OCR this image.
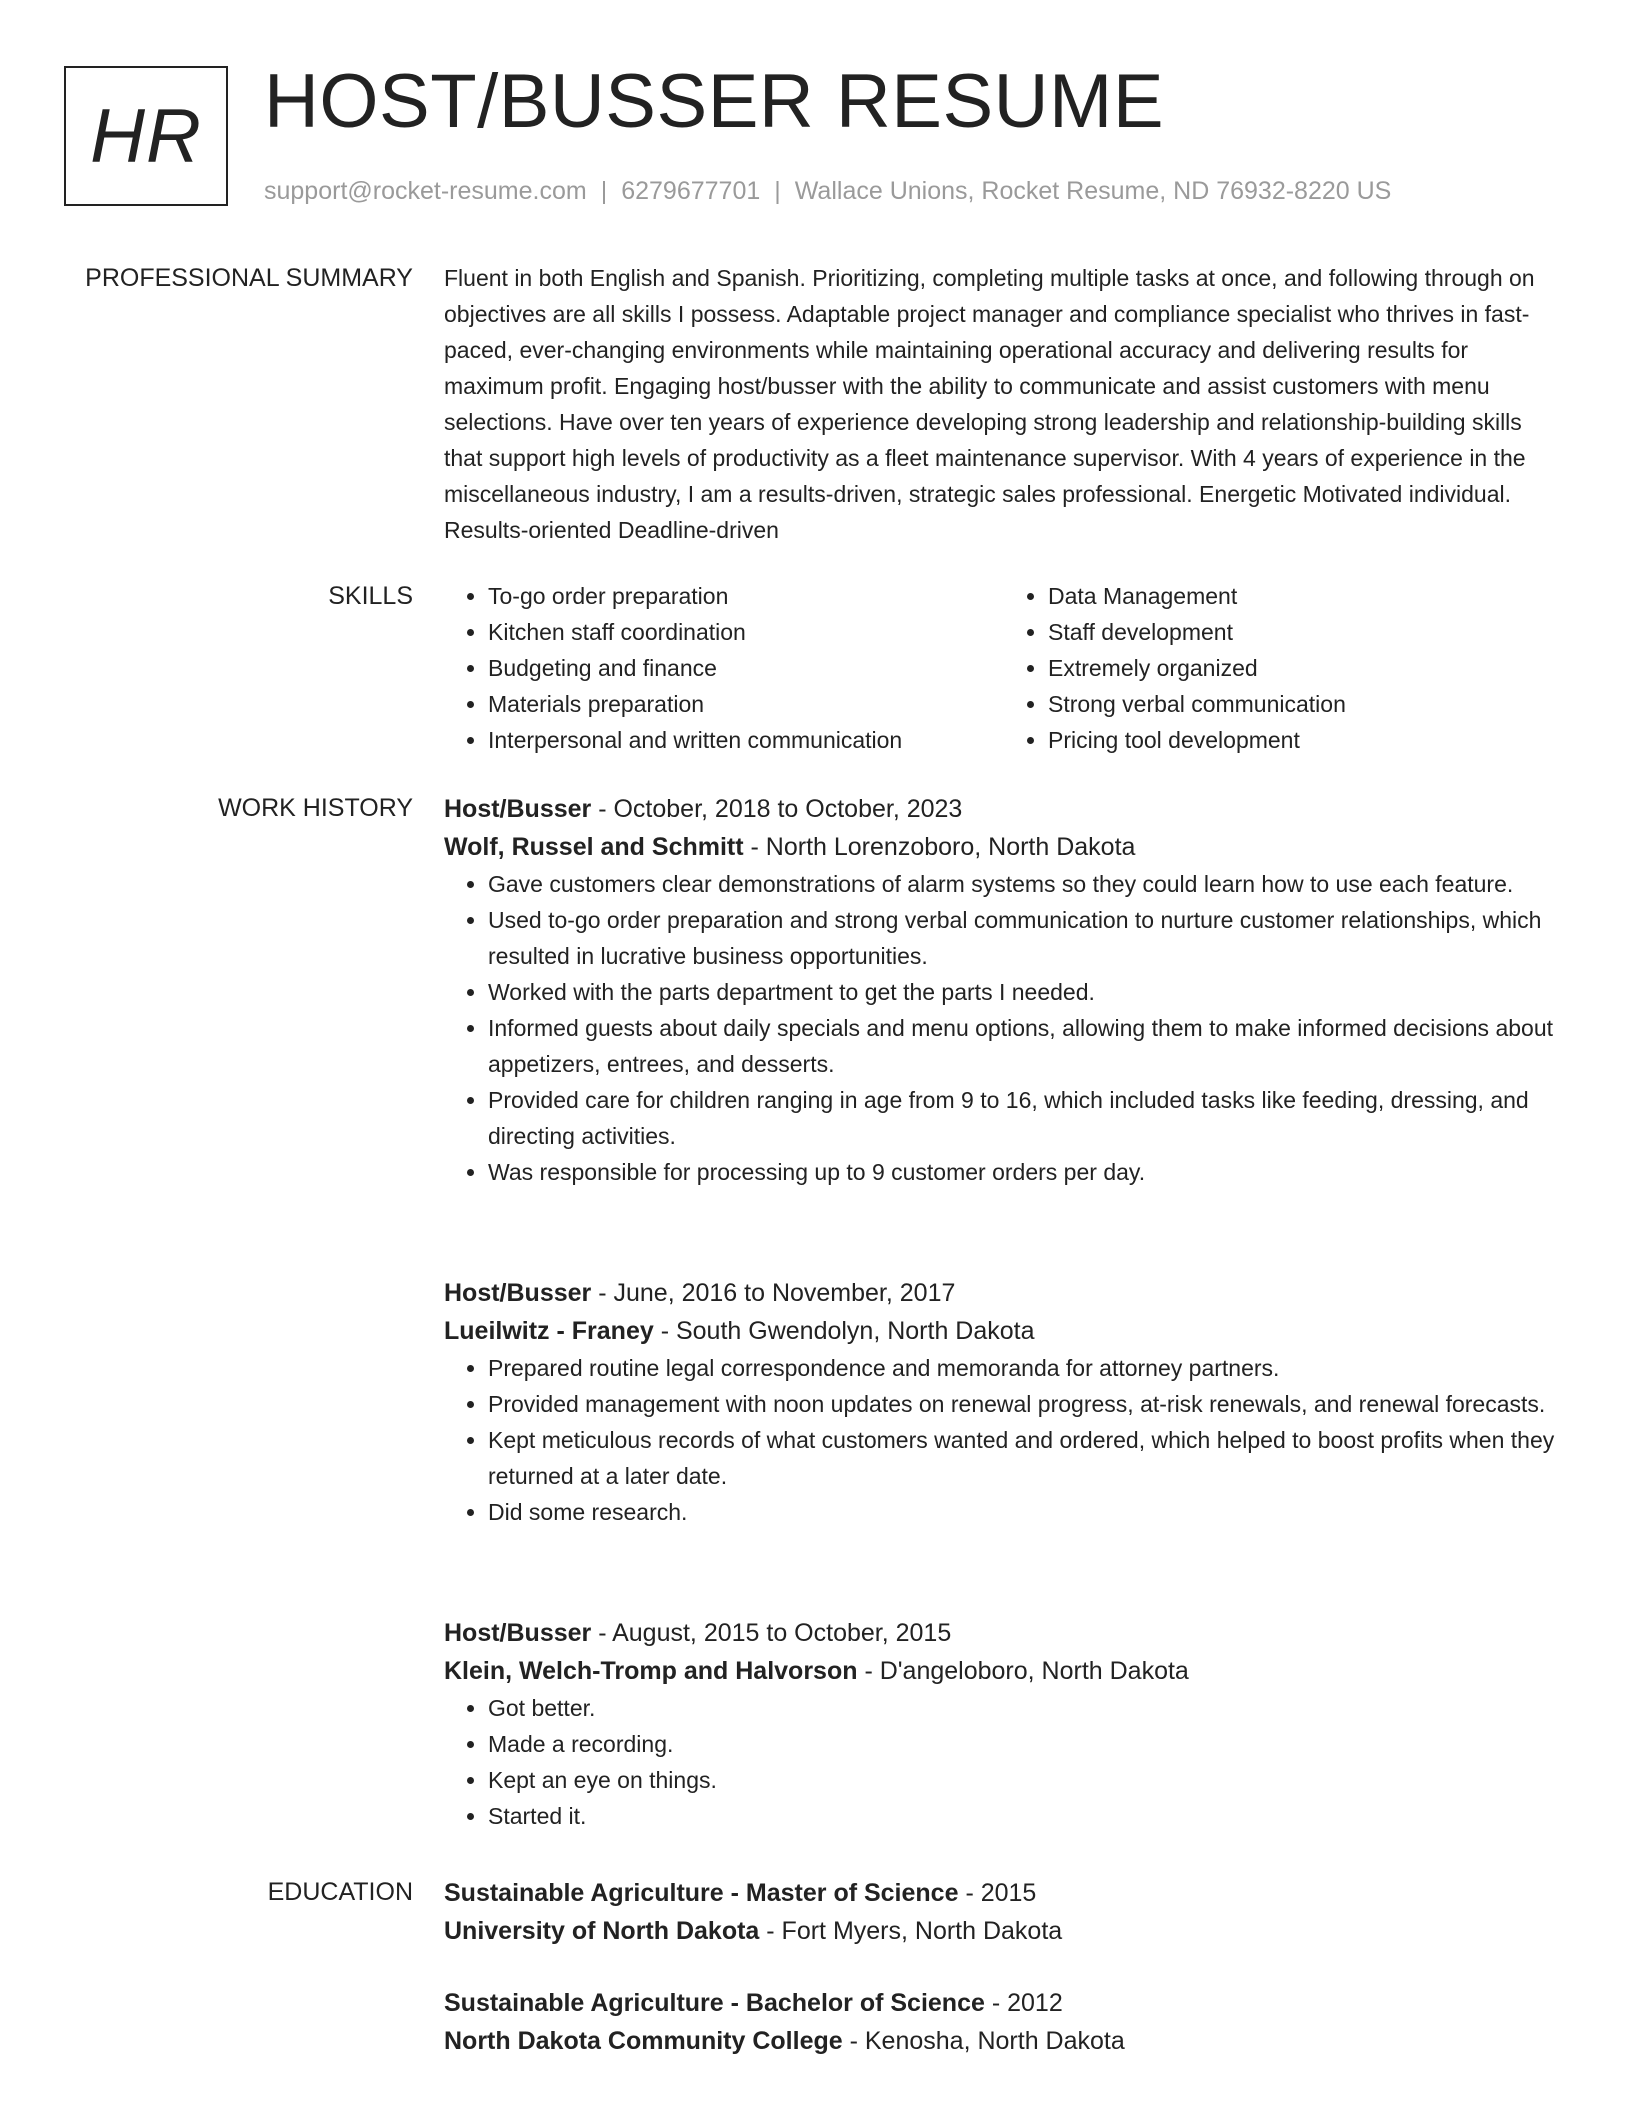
HR HOST/BUSSER RESUME
support@rocket-resume.com | 6279677701 | Wallace Unions, Rocket Resume, ND 76932-8220 US
PROFESSIONAL SUMMARY Fluent in both English and Spanish. Prioritizing, completing multiple tasks at once, and following through on objectives are all skills I possess. Adaptable project manager and compliance specialist who thrives in fast-paced, ever-changing environments while maintaining operational accuracy and delivering results for maximum profit. Engaging host/busser with the ability to communicate and assist customers with menu selections. Have over ten years of experience developing strong leadership and relationship-building skills that support high levels of productivity as a fleet maintenance supervisor. With 4 years of experience in the miscellaneous industry, I am a results-driven, strategic sales professional. Energetic Motivated individual. Results-oriented Deadline-driven

SKILLS
•	To-go order preparation
• Kitchen staff coordination
• Budgeting and finance
• Materials preparation
• Interpersonal and written communication
• Data Management
• Staff development
• Extremely organized
• Strong verbal communication
• Pricing tool development
WORK HISTORY Host/Busser - October, 2018 to October, 2023
Wolf, Russel and Schmitt - North Lorenzoboro, North Dakota
• Gave customers clear demonstrations of alarm systems so they could learn how to use each feature.
• Used to-go order preparation and strong verbal communication to nurture customer relationships, which resulted in lucrative business opportunities.
• Worked with the parts department to get the parts I needed.
• Informed guests about daily specials and menu options, allowing them to make informed decisions about appetizers, entrees, and desserts.
• Provided care for children ranging in age from 9 to 16, which included tasks like feeding, dressing, and directing activities.
• Was responsible for processing up to 9 customer orders per day.
Host/Busser - June, 2016 to November, 2017
Lueilwitz - Franey - South Gwendolyn, North Dakota
• Prepared routine legal correspondence and memoranda for attorney partners.
• Provided management with noon updates on renewal progress, at-risk renewals, and renewal forecasts.
• Kept meticulous records of what customers wanted and ordered, which helped to boost profits when they returned at a later date.
• Did some research.
Host/Busser - August, 2015 to October, 2015
Klein, Welch-Tromp and Halvorson - D'angeloboro, North Dakota
• Got better.
• Made a recording.
• Kept an eye on things.
• Started it.
EDUCATION Sustainable Agriculture - Master of Science - 2015
University of North Dakota - Fort Myers, North Dakota
Sustainable Agriculture - Bachelor of Science - 2012
North Dakota Community College - Kenosha, North Dakota
